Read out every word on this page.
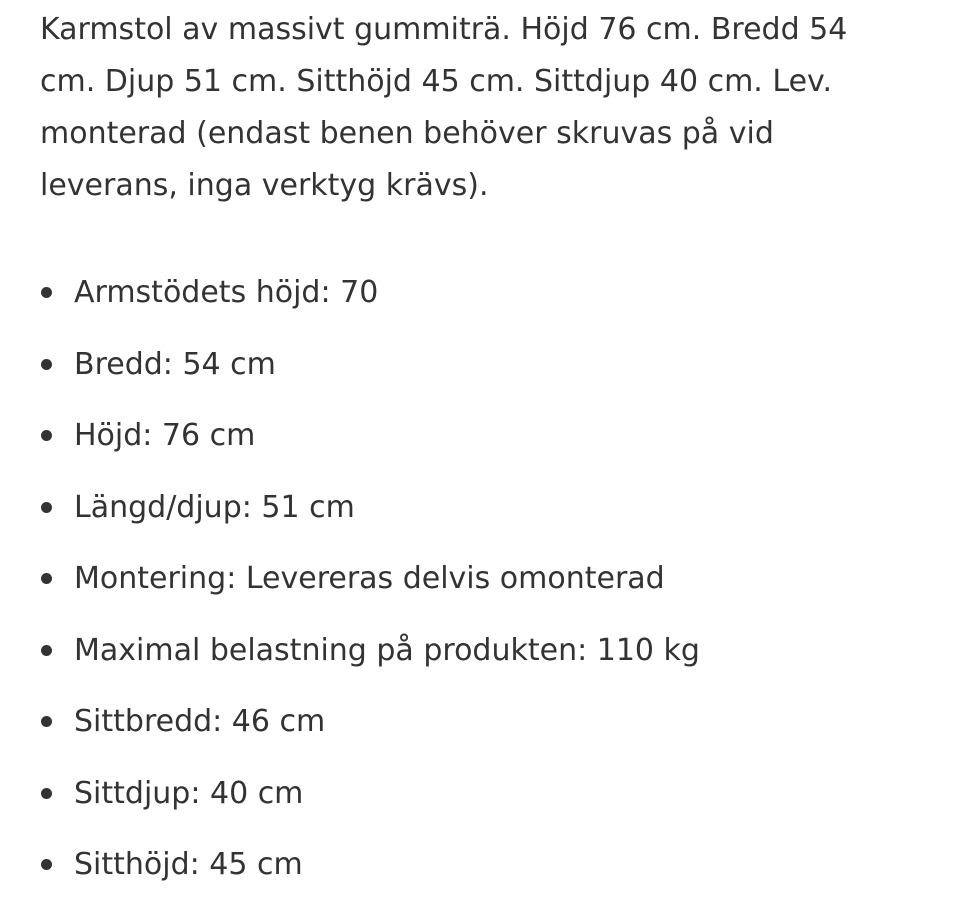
Karmstol av massivt gummiträ. Höjd 76 cm. Bredd 54 cm. Djup 51 cm. Sitthöjd 45 cm. Sittdjup 40 cm. Lev. monterad (endast benen behöver skruvas på vid leverans, inga verktyg krävs).

Armstödets höjd: 70
Bredd: 54 cm
Höjd: 76 cm
Längd/djup: 51 cm
Montering: Levereras delvis omonterad
Maximal belastning på produkten: 110 kg
Sittbredd: 46 cm
Sittdjup: 40 cm
Sitthöjd: 45 cm
